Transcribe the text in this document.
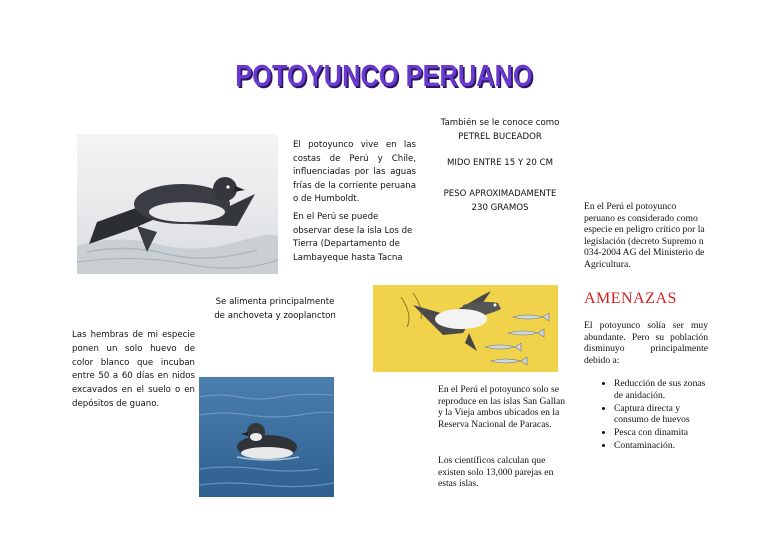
POTOYUNCO PERUANO

El potoyunco vive en las costas de Perú y Chile, influenciadas por las aguas frías de la corriente peruana o de Humboldt.

En el Perú se puede observar dese la isla Los de Tierra (Departamento de Lambayeque hasta Tacna

También se le conoce como

PETREL BUCEADOR

MIDO ENTRE 15 Y 20 CM

PESO APROXIMADAMENTE

230 GRAMOS	En el Perú el potoyunco peruano es considerado como especie en peligro crítico por la legislación (decreto Supremo n 034-2004 AG del Ministerio de Agricultura.

Se alimenta principalmente

de anchoveta y zooplancton

Las hembras de mi especie ponen un solo huevo de color blanco que incuban entre 50 a 60 días en nidos excavados en el suelo o en depósitos de guano.

En el Perú el potoyunco solo se reproduce en las islas San Gallan y la Vieja ambos ubicados en la Reserva Nacional de Paracas.

Los científicos calculan que existen solo 13,000 parejas en estas islas.

AMENAZAS

El potoyunco solía ser muy abundante. Pero su población disminuyo principalmente debido a:

• Reducción de sus zonas de anidación.
• Captura directa y consumo de huevos
• Pesca con dinamita
• Contaminación.
